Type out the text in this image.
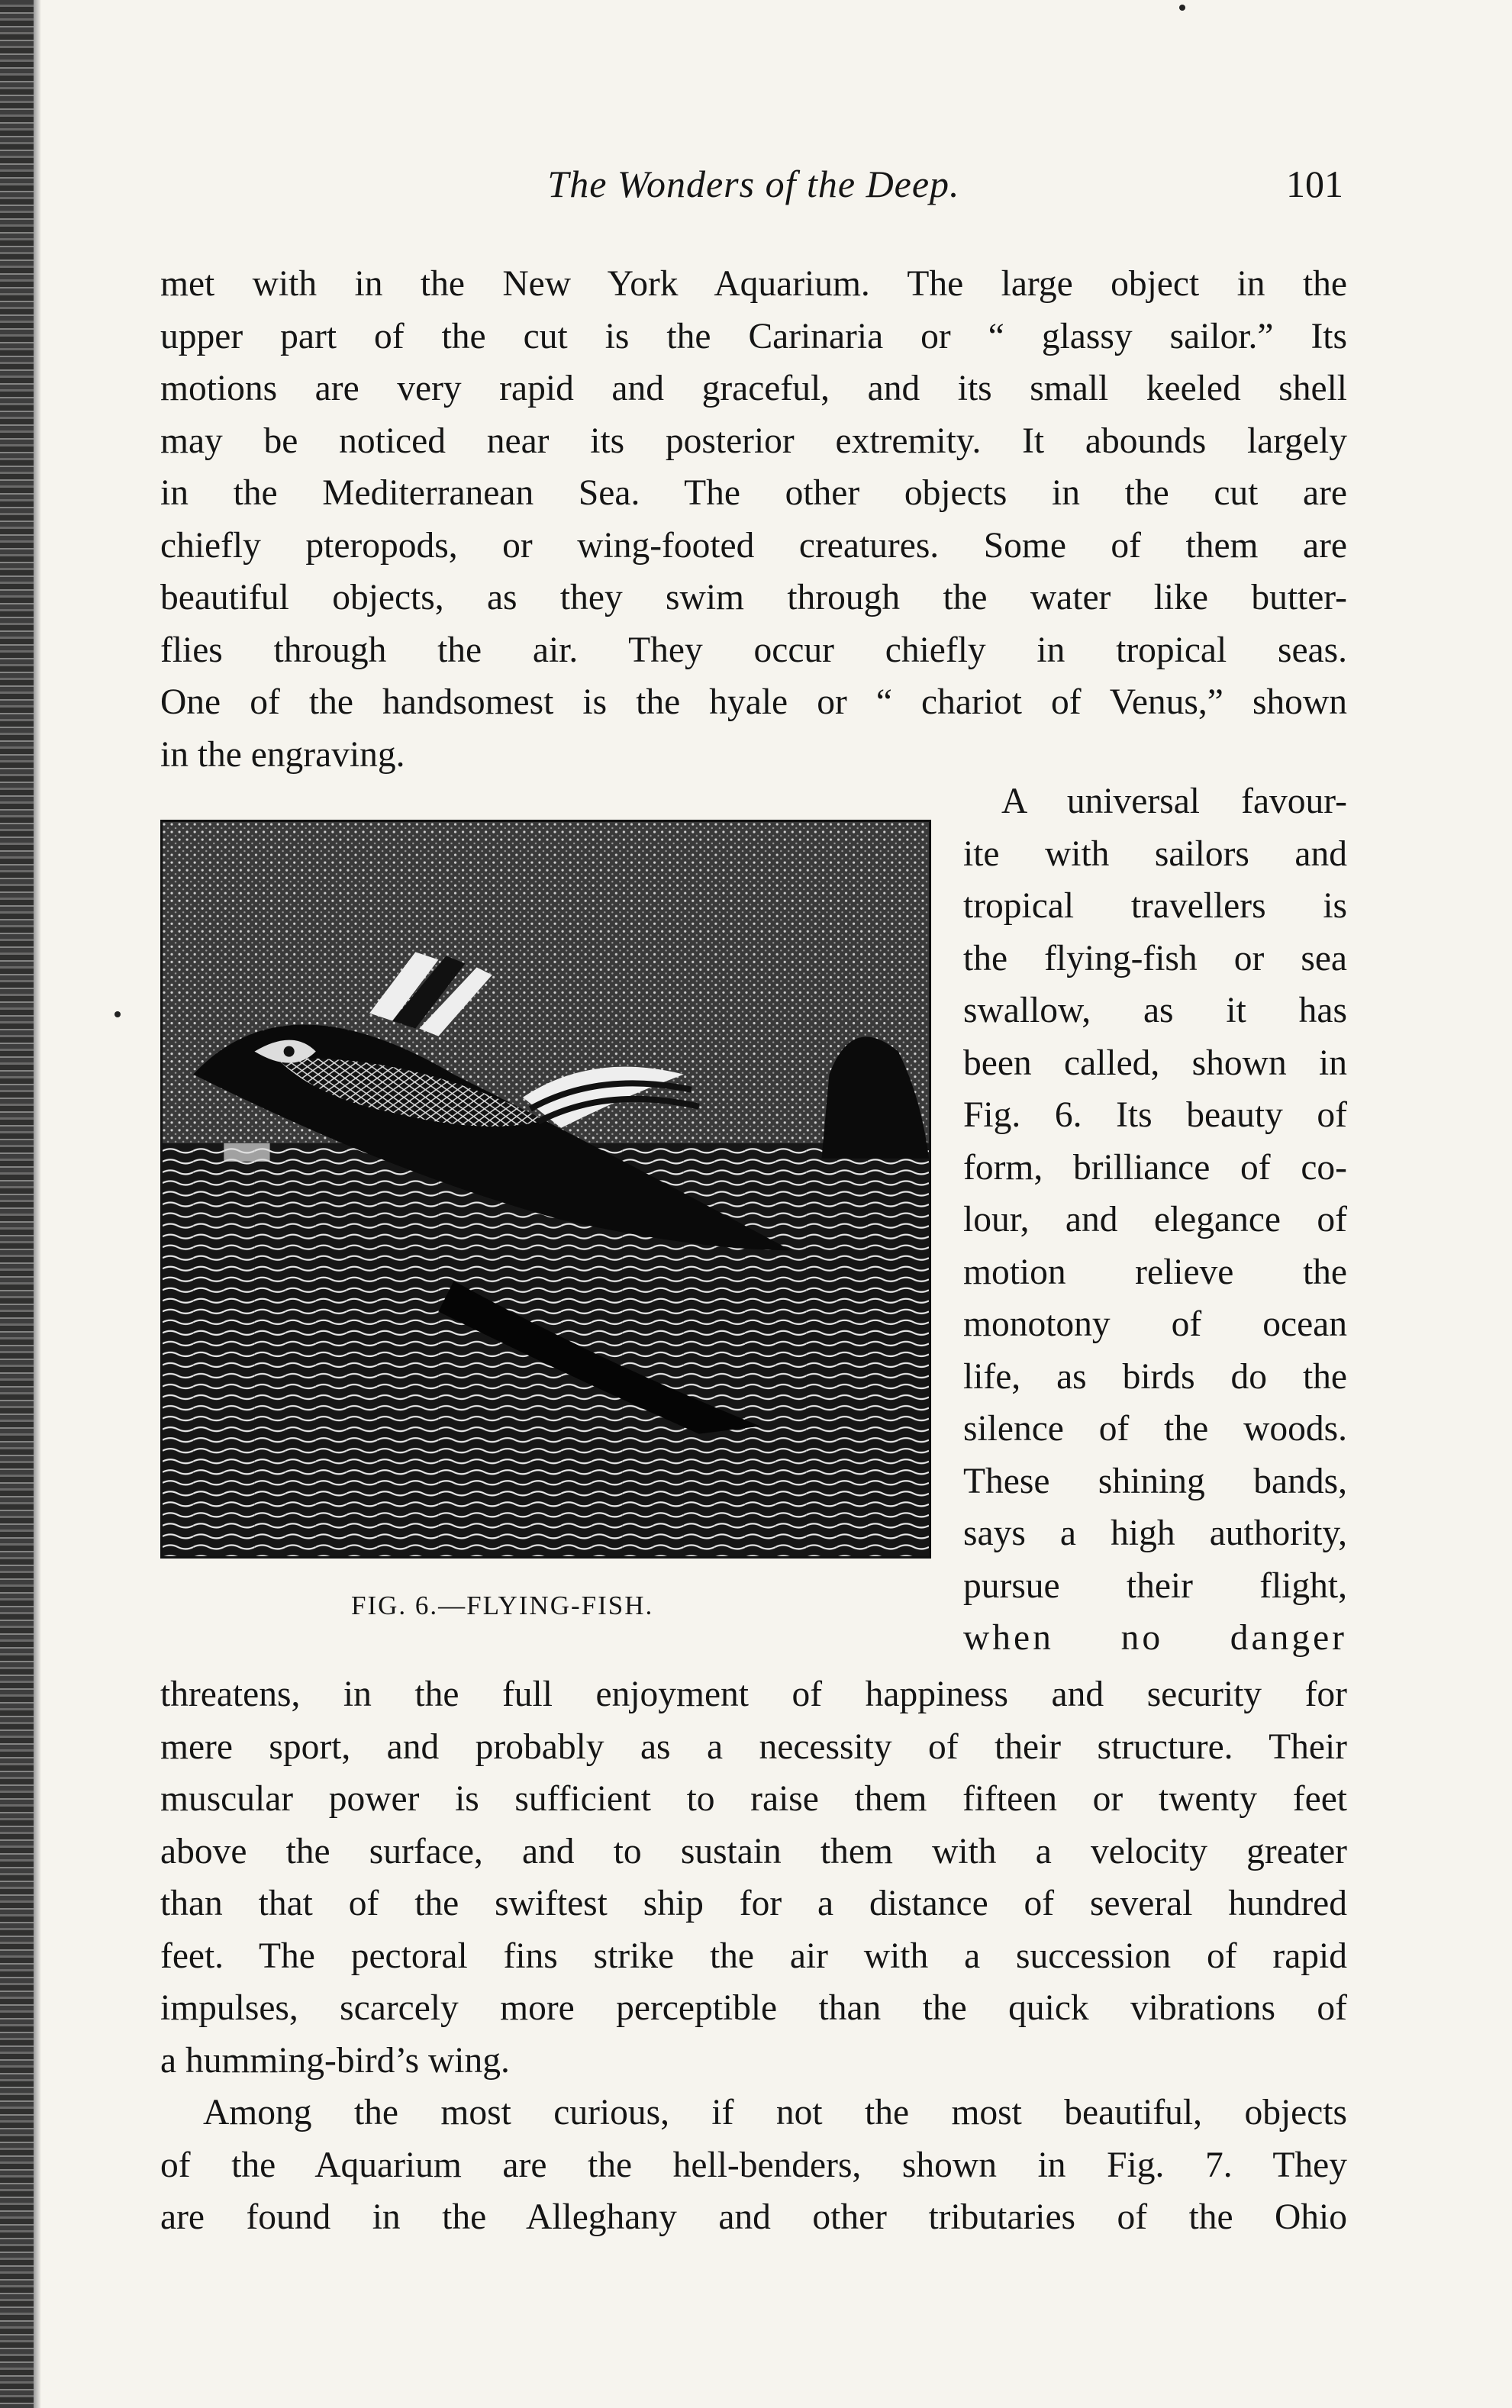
The Wonders of the Deep.	101
met with in the New York Aquarium. The large object in the
upper part of the cut is the Carinaria or “ glassy sailor.” Its
motions are very rapid and graceful, and its small keeled shell
may be noticed near its posterior extremity. It abounds largely
in the Mediterranean Sea. The other objects in the cut are
chiefly pteropods, or wing-footed creatures. Some of them are
beautiful objects, as they swim through the water like butter-
flies through the air. They occur chiefly in tropical seas.
One of the handsomest is the hyale or “ chariot of Venus,” shown
in the engraving.
FIG. 6.—FLYING-FISH.
A universal favour-
ite with sailors and
tropical travellers is
the flying-fish or sea
swallow, as it has
been called, shown in
Fig. 6. Its beauty of
form, brilliance of co-
lour, and elegance of
motion relieve the
monotony of ocean
life, as birds do the
silence of the woods.
These shining bands,
says a high authority,
pursue their flight,
when no danger
threatens, in the full enjoyment of happiness and security for
mere sport, and probably as a necessity of their structure. Their
muscular power is sufficient to raise them fifteen or twenty feet
above the surface, and to sustain them with a velocity greater
than that of the swiftest ship for a distance of several hundred
feet. The pectoral fins strike the air with a succession of rapid
impulses, scarcely more perceptible than the quick vibrations of
a humming-bird’s wing.
Among the most curious, if not the most beautiful, objects
of the Aquarium are the hell-benders, shown in Fig. 7. They
are found in the Alleghany and other tributaries of the Ohio
